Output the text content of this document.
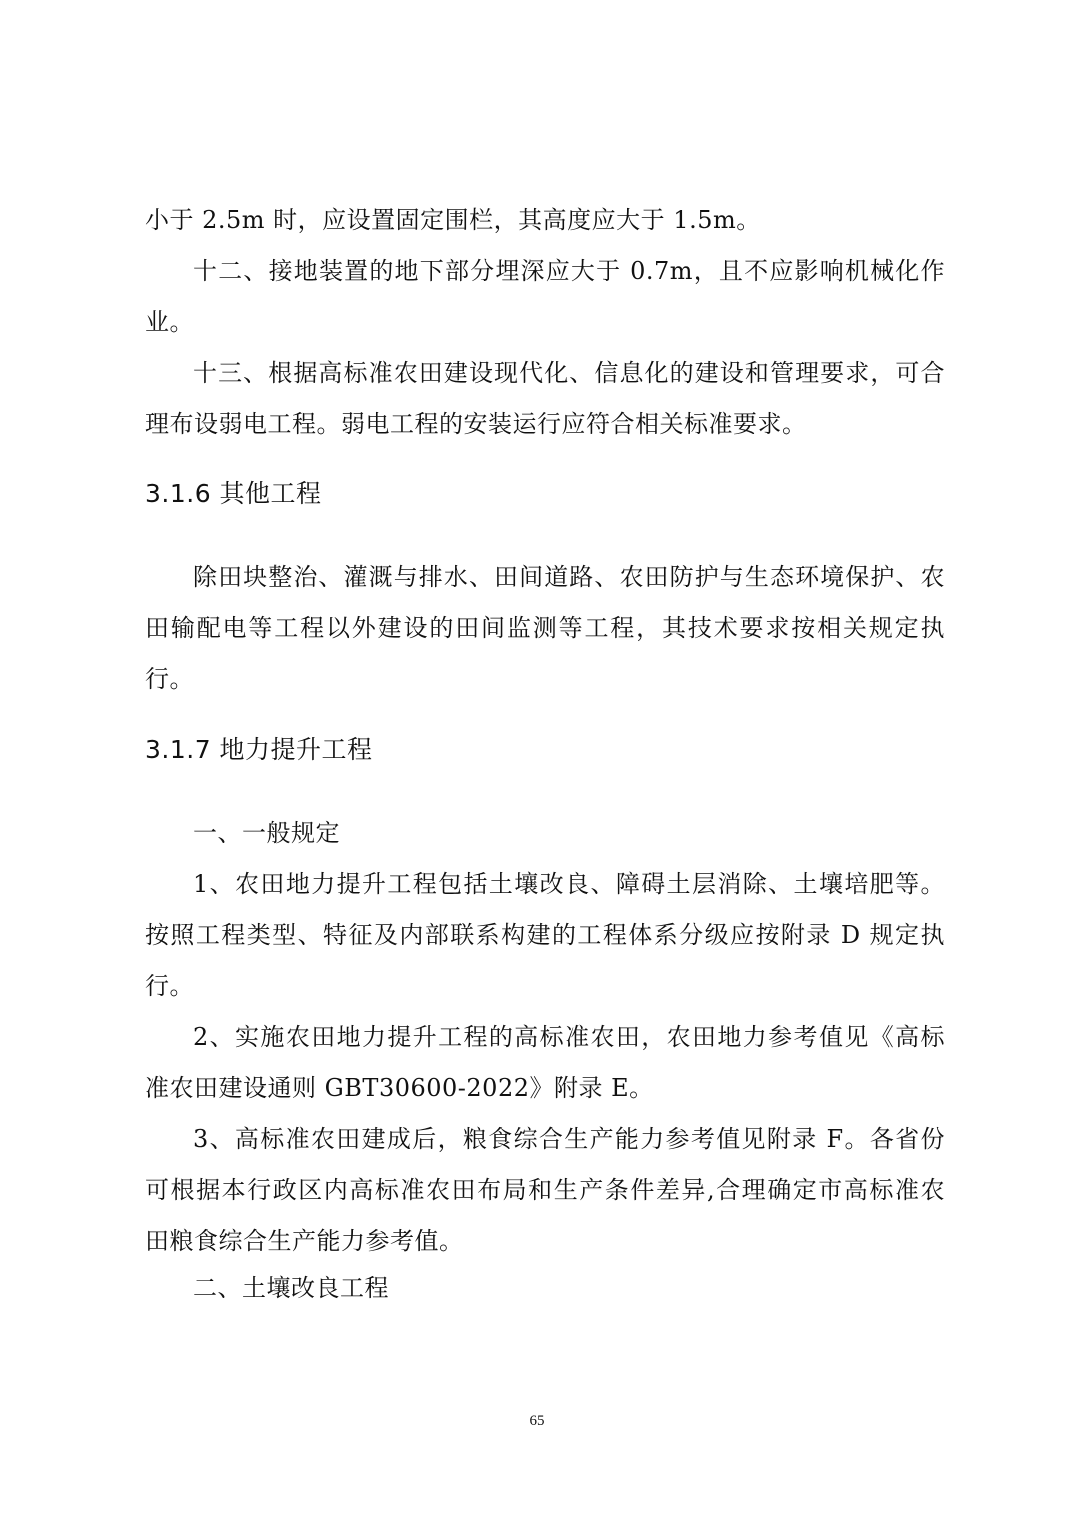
小于 2.5m 时，应设置固定围栏，其高度应大于 1.5m。
十二、接地装置的地下部分埋深应大于 0.7m，且不应影响机械化作
业。
十三、根据高标准农田建设现代化、信息化的建设和管理要求，可合
理布设弱电工程。弱电工程的安装运行应符合相关标准要求。
3.1.6 其他工程
除田块整治、灌溉与排水、田间道路、农田防护与生态环境保护、农
田输配电等工程以外建设的田间监测等工程，其技术要求按相关规定执
行。
3.1.7 地力提升工程
一、一般规定
1、农田地力提升工程包括土壤改良、障碍土层消除、土壤培肥等。
按照工程类型、特征及内部联系构建的工程体系分级应按附录 D 规定执
行。
2、实施农田地力提升工程的高标准农田，农田地力参考值见《高标
准农田建设通则 GBT30600-2022》附录 E。
3、高标准农田建成后，粮食综合生产能力参考值见附录 F。各省份
可根据本行政区内高标准农田布局和生产条件差异,合理确定市高标准农
田粮食综合生产能力参考值。
二、土壤改良工程
65
